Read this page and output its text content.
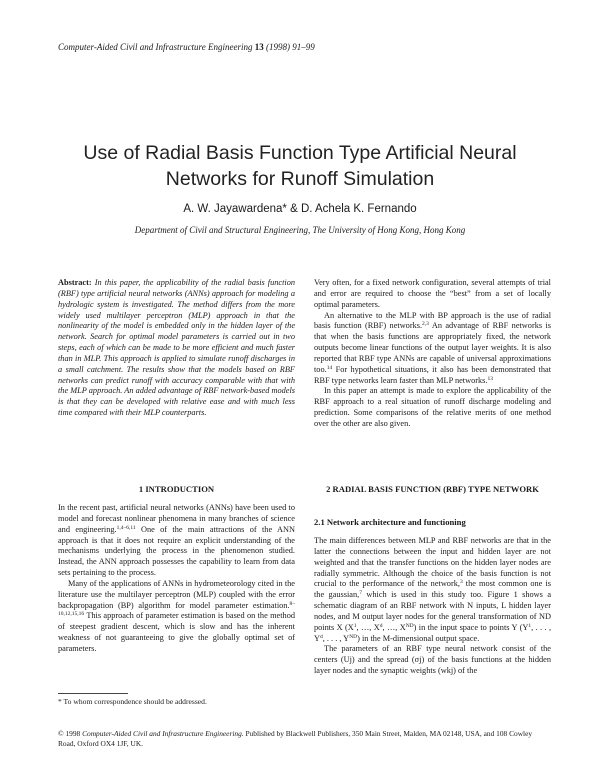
Computer-Aided Civil and Infrastructure Engineering 13 (1998) 91–99
Use of Radial Basis Function Type Artificial Neural
Networks for Runoff Simulation
A. W. Jayawardena* & D. Achela K. Fernando
Department of Civil and Structural Engineering, The University of Hong Kong, Hong Kong

Abstract: In this paper, the applicability of the radial basis function (RBF) type artificial neural networks (ANNs) approach for modeling a hydrologic system is investigated. The method differs from the more widely used multilayer perceptron (MLP) approach in that the nonlinearity of the model is embedded only in the hidden layer of the network. Search for optimal model parameters is carried out in two steps, each of which can be made to be more efficient and much faster than in MLP. This approach is applied to simulate runoff discharges in a small catchment. The results show that the models based on RBF networks can predict runoff with accuracy comparable with that with the MLP approach. An added advantage of RBF network-based models is that they can be developed with relative ease and with much less time compared with their MLP counterparts.

1 INTRODUCTION

In the recent past, artificial neural networks (ANNs) have been used to model and forecast nonlinear phenomena in many branches of science and engineering.$^{1,4-6,11}$ One of the main attractions of the ANN approach is that it does not require an explicit understanding of the mechanisms underlying the process in the phenomenon studied. Instead, the ANN approach possesses the capability to learn from data sets pertaining to the process.

Many of the applications of ANNs in hydrometeorology cited in the literature use the multilayer perceptron (MLP) coupled with the error backpropagation (BP) algorithm for model parameter estimation.$^{8-10,12,15,16}$ This approach of parameter estimation is based on the method of steepest gradient descent, which is slow and has the inherent weakness of not guaranteeing to give the globally optimal set of parameters.

* To whom correspondence should be addressed.

Very often, for a fixed network configuration, several attempts of trial and error are required to choose the “best” from a set of locally optimal parameters.

An alternative to the MLP with BP approach is the use of radial basis function (RBF) networks.$^{2,3}$ An advantage of RBF networks is that when the basis functions are appropriately fixed, the network outputs become linear functions of the output layer weights. It is also reported that RBF type ANNs are capable of universal approximations too.$^{14}$ For hypothetical situations, it also has been demonstrated that RBF type networks learn faster than MLP networks.$^{13}$

In this paper an attempt is made to explore the applicability of the RBF approach to a real situation of runoff discharge modeling and prediction. Some comparisons of the relative merits of one method over the other are also given.

2 RADIAL BASIS FUNCTION (RBF) TYPE NETWORK
2.1 Network architecture and functioning

The main differences between MLP and RBF networks are that in the latter the connections between the input and hidden layer are not weighted and that the transfer functions on the hidden layer nodes are radially symmetric. Although the choice of the basis function is not crucial to the performance of the network,$^3$ the most common one is the gaussian,$^7$ which is used in this study too. Figure 1 shows a schematic diagram of an RBF network with N inputs, L hidden layer nodes, and M output layer nodes for the general transformation of ND points X ($X^1$, …, $X^d$, …, XND) in the input space to points Y ($Y^1$, . . . , $Y^d$, . . . , $Y^{ND}$) in the M-dimensional output space.

The parameters of an RBF type neural network consist of the centers (Uj) and the spread (σj) of the basis functions at the hidden layer nodes and the synaptic weights (wkj) of the

© 1998 Computer-Aided Civil and Infrastructure Engineering. Published by Blackwell Publishers, 350 Main Street, Malden, MA 02148, USA, and 108 Cowley Road, Oxford OX4 1JF, UK.
